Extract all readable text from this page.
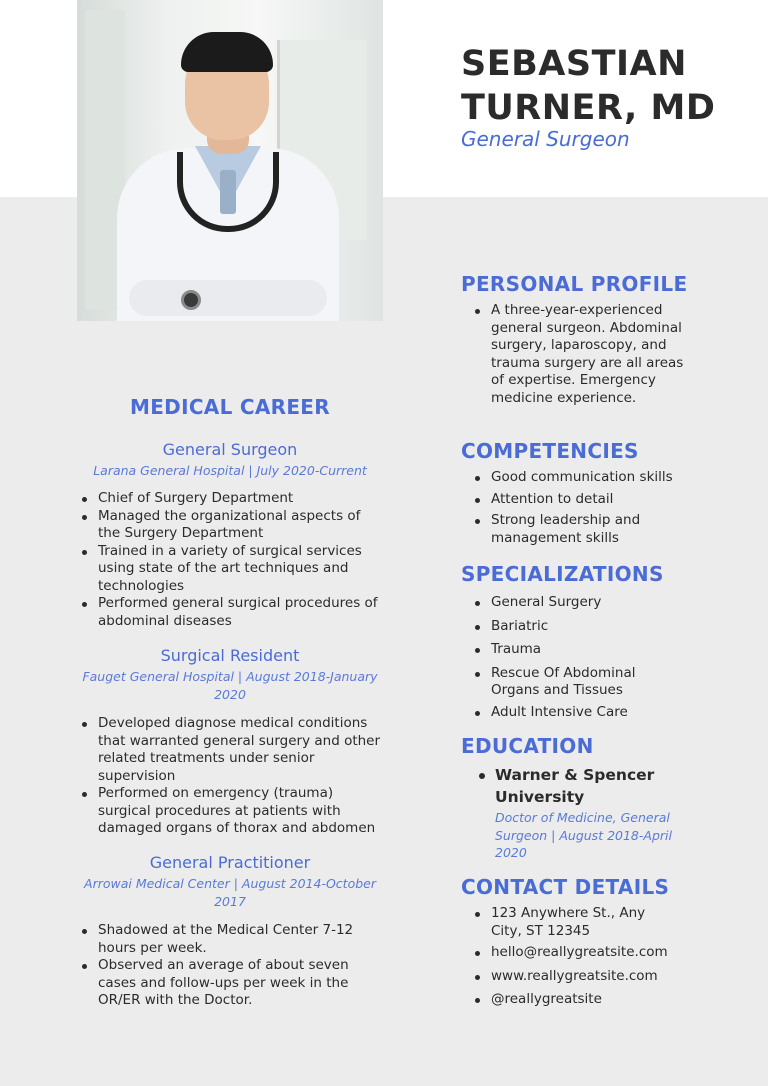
SEBASTIAN TURNER, MD
General Surgeon
MEDICAL CAREER
General Surgeon
Larana General Hospital | July 2020-Current
Chief of Surgery Department
Managed the organizational aspects of the Surgery Department
Trained in a variety of surgical services using state of the art techniques and technologies
Performed general surgical procedures of abdominal diseases
Surgical Resident
Fauget General Hospital | August 2018-January 2020
Developed diagnose medical conditions that warranted general surgery and other related treatments under senior supervision
Performed on emergency (trauma) surgical procedures at patients with damaged organs of thorax and abdomen
General Practitioner
Arrowai Medical Center | August 2014-October 2017
Shadowed at the Medical Center 7-12 hours per week.
Observed an average of about seven cases and follow-ups per week in the OR/ER with the Doctor.
PERSONAL PROFILE
A three-year-experienced general surgeon. Abdominal surgery, laparoscopy, and trauma surgery are all areas of expertise. Emergency medicine experience.
COMPETENCIES
Good communication skills
Attention to detail
Strong leadership and management skills
SPECIALIZATIONS
General Surgery
Bariatric
Trauma
Rescue Of Abdominal Organs and Tissues
Adult Intensive Care
EDUCATION
Warner & Spencer University
Doctor of Medicine, General Surgeon | August 2018-April 2020
CONTACT DETAILS
123 Anywhere St., Any City, ST 12345
hello@reallygreatsite.com
www.reallygreatsite.com
@reallygreatsite
